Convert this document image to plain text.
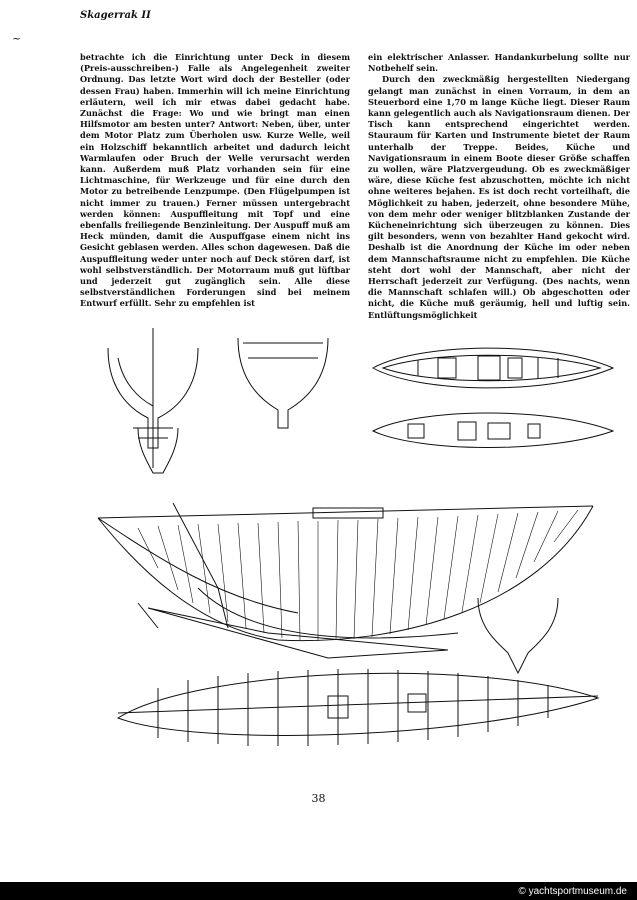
Skagerrak II
~

betrachte ich die Einrichtung unter Deck in diesem (Preis-ausschreiben-) Falle als Angelegenheit zweiter Ordnung. Das letzte Wort wird doch der Besteller (oder dessen Frau) haben. Immerhin will ich meine Einrichtung erläutern, weil ich mir etwas dabei gedacht habe. Zunächst die Frage: Wo und wie bringt man einen Hilfsmotor am besten unter? Antwort: Neben, über, unter dem Motor Platz zum Überholen usw. Kurze Welle, weil ein Holzschiff bekanntlich arbeitet und dadurch leicht Warmlaufen oder Bruch der Welle verursacht werden kann. Außerdem muß Platz vorhanden sein für eine Lichtmaschine, für Werkzeuge und für eine durch den Motor zu betreibende Lenzpumpe. (Den Flügelpumpen ist nicht immer zu trauen.) Ferner müssen untergebracht werden können: Auspuffleitung mit Topf und eine ebenfalls freiliegende Benzinleitung. Der Auspuff muß am Heck münden, damit die Auspuffgase einem nicht ins Gesicht geblasen werden. Alles schon dagewesen. Daß die Auspuffleitung weder unter noch auf Deck stören darf, ist wohl selbstverständlich. Der Motorraum muß gut lüftbar und jederzeit gut zugänglich sein. Alle diese selbstverständlichen Forderungen sind bei meinem Entwurf erfüllt. Sehr zu empfehlen ist

ein elektrischer Anlasser. Handankurbelung sollte nur Notbehelf sein.

Durch den zweckmäßig hergestellten Niedergang gelangt man zunächst in einen Vorraum, in dem an Steuerbord eine 1,70 m lange Küche liegt. Dieser Raum kann gelegentlich auch als Navigationsraum dienen. Der Tisch kann entsprechend eingerichtet werden. Stauraum für Karten und Instrumente bietet der Raum unterhalb der Treppe. Beides, Küche und Navigationsraum in einem Boote dieser Größe schaffen zu wollen, wäre Platzvergeudung. Ob es zweckmäßiger wäre, diese Küche fest abzuschotten, möchte ich nicht ohne weiteres bejahen. Es ist doch recht vorteilhaft, die Möglichkeit zu haben, jederzeit, ohne besondere Mühe, von dem mehr oder weniger blitzblanken Zustande der Kücheneinrichtung sich überzeugen zu können. Dies gilt besonders, wenn von bezahlter Hand gekocht wird. Deshalb ist die Anordnung der Küche im oder neben dem Mannschaftsraume nicht zu empfehlen. Die Küche steht dort wohl der Mannschaft, aber nicht der Herrschaft jederzeit zur Verfügung. (Des nachts, wenn die Mannschaft schlafen will.) Ob abgeschotten oder nicht, die Küche muß geräumig, hell und luftig sein. Entlüftungsmöglichkeit

38
© yachtsportmuseum.de
